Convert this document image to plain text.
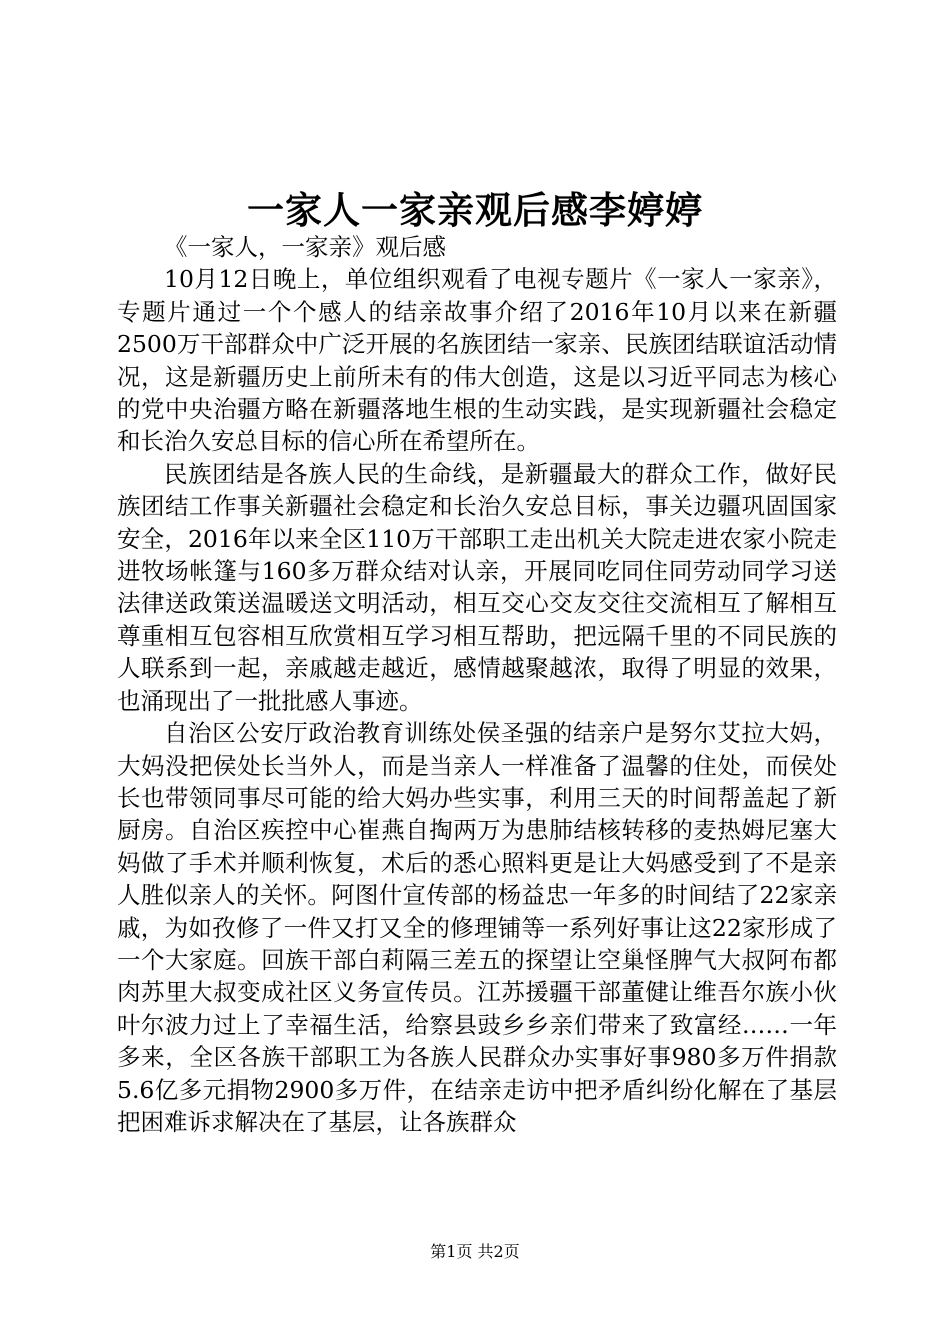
一家人一家亲观后感李婷婷

《一家人，一家亲》观后感

10月12日晚上，单位组织观看了电视专题片《一家人一家亲》，专题片通过一个个感人的结亲故事介绍了2016年10月以来在新疆2500万干部群众中广泛开展的名族团结一家亲、民族团结联谊活动情况，这是新疆历史上前所未有的伟大创造，这是以习近平同志为核心的党中央治疆方略在新疆落地生根的生动实践，是实现新疆社会稳定和长治久安总目标的信心所在希望所在。

民族团结是各族人民的生命线，是新疆最大的群众工作，做好民族团结工作事关新疆社会稳定和长治久安总目标，事关边疆巩固国家安全，2016年以来全区110万干部职工走出机关大院走进农家小院走进牧场帐篷与160多万群众结对认亲，开展同吃同住同劳动同学习送法律送政策送温暖送文明活动，相互交心交友交往交流相互了解相互尊重相互包容相互欣赏相互学习相互帮助，把远隔千里的不同民族的人联系到一起，亲戚越走越近，感情越聚越浓，取得了明显的效果，也涌现出了一批批感人事迹。

自治区公安厅政治教育训练处侯圣强的结亲户是努尔艾拉大妈，大妈没把侯处长当外人，而是当亲人一样准备了温馨的住处，而侯处长也带领同事尽可能的给大妈办些实事，利用三天的时间帮盖起了新厨房。自治区疾控中心崔燕自掏两万为患肺结核转移的麦热姆尼塞大妈做了手术并顺利恢复，术后的悉心照料更是让大妈感受到了不是亲人胜似亲人的关怀。阿图什宣传部的杨益忠一年多的时间结了22家亲戚，为如孜修了一件又打又全的修理铺等一系列好事让这22家形成了一个大家庭。回族干部白莉隔三差五的探望让空巢怪脾气大叔阿布都肉苏里大叔变成社区义务宣传员。江苏援疆干部董健让维吾尔族小伙叶尔波力过上了幸福生活，给察县豉乡乡亲们带来了致富经……一年多来，全区各族干部职工为各族人民群众办实事好事980多万件捐款5.6亿多元捐物2900多万件，在结亲走访中把矛盾纠纷化解在了基层把困难诉求解决在了基层，让各族群众

第1页 共2页
